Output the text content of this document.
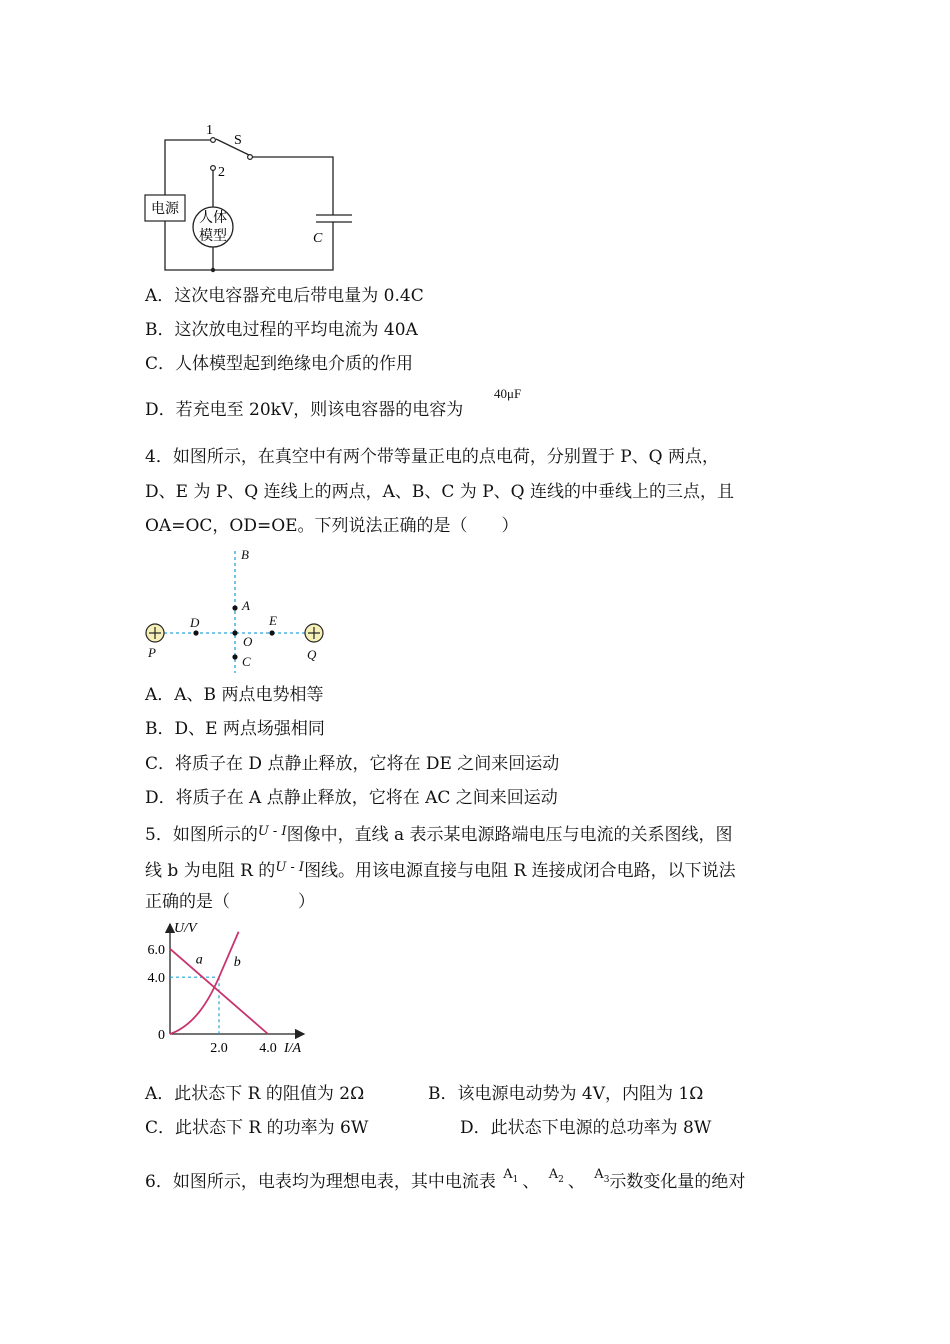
1
2
S
电源
人体
模型	C
A．这次电容器充电后带电量为 0.4C
B．这次放电过程的平均电流为 40A
C．人体模型起到绝缘电介质的作用
D．若充电至 20kV，则该电容器的电容为
40μF
4．如图所示，在真空中有两个带等量正电的点电荷，分别置于 P、Q 两点，
D、E 为 P、Q 连线上的两点，A、B、C 为 P、Q 连线的中垂线上的三点，且
OA=OC，OD=OE。下列说法正确的是（　　）
B
A
D	E
O
C
P	Q
A．A、B 两点电势相等
B．D、E 两点场强相同
C．将质子在 D 点静止释放，它将在 DE 之间来回运动
D．将质子在 A 点静止释放，它将在 AC 之间来回运动
5．如图所示的$^{U - I}$图像中，直线 a 表示某电源路端电压与电流的关系图线，图
线 b 为电阻 R 的$^{U - I}$图线。用该电源直接与电阻 R 连接成闭合电路，以下说法
正确的是（　　　　）
I/A
U/V
a b
0
4.0
6.0
2.0 4.0
A．此状态下 R 的阻值为 2Ω	B．该电源电动势为 4V，内阻为 1Ω
C．此状态下 R 的功率为 6W	D．此状态下电源的总功率为 8W
6．如图所示，电表均为理想电表，其中电流表 $^{A_1}$ 、 $^{A_2}$ 、 $^{A_3}$示数变化量的绝对
